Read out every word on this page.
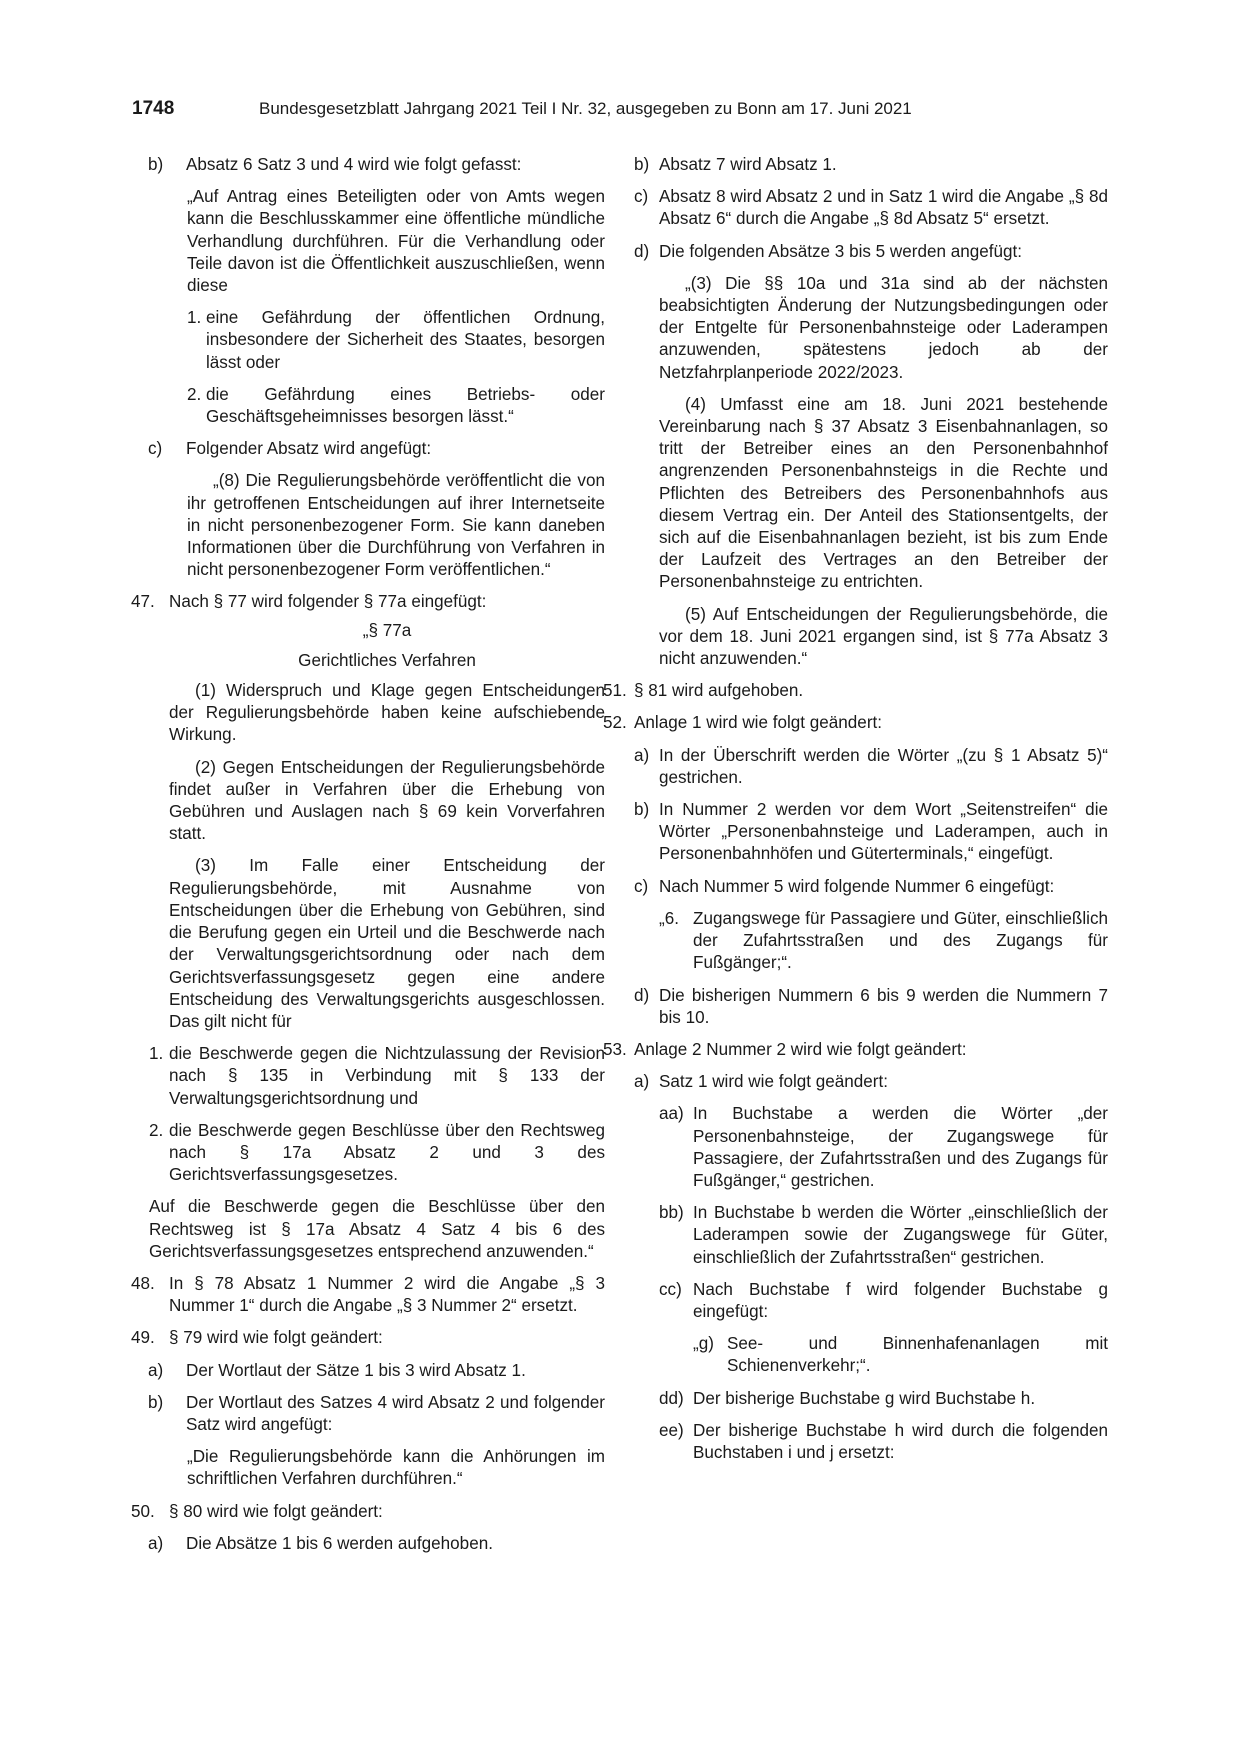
1748	Bundesgesetzblatt Jahrgang 2021 Teil I Nr. 32, ausgegeben zu Bonn am 17. Juni 2021
b) Absatz 6 Satz 3 und 4 wird wie folgt gefasst:

„Auf Antrag eines Beteiligten oder von Amts wegen kann die Beschlusskammer eine öffentliche mündliche Verhandlung durchführen. Für die Verhandlung oder Teile davon ist die Öffentlichkeit auszuschließen, wenn diese

1. eine Gefährdung der öffentlichen Ordnung, insbesondere der Sicherheit des Staates, besorgen lässt oder
2. die Gefährdung eines Betriebs- oder Geschäftsgeheimnisses besorgen lässt.“
c) Folgender Absatz wird angefügt:

„(8) Die Regulierungsbehörde veröffentlicht die von ihr getroffenen Entscheidungen auf ihrer Internetseite in nicht personenbezogener Form. Sie kann daneben Informationen über die Durchführung von Verfahren in nicht personenbezogener Form veröffentlichen.“

47. Nach § 77 wird folgender § 77a eingefügt:
„§ 77a
Gerichtliches Verfahren

(1) Widerspruch und Klage gegen Entscheidungen der Regulierungsbehörde haben keine aufschiebende Wirkung.

(2) Gegen Entscheidungen der Regulierungsbehörde findet außer in Verfahren über die Erhebung von Gebühren und Auslagen nach § 69 kein Vorverfahren statt.

(3) Im Falle einer Entscheidung der Regulierungsbehörde, mit Ausnahme von Entscheidungen über die Erhebung von Gebühren, sind die Berufung gegen ein Urteil und die Beschwerde nach der Verwaltungsgerichtsordnung oder nach dem Gerichtsverfassungsgesetz gegen eine andere Entscheidung des Verwaltungsgerichts ausgeschlossen. Das gilt nicht für

1. die Beschwerde gegen die Nichtzulassung der Revision nach § 135 in Verbindung mit § 133 der Verwaltungsgerichtsordnung und
2. die Beschwerde gegen Beschlüsse über den Rechtsweg nach § 17a Absatz 2 und 3 des Gerichtsverfassungsgesetzes.

Auf die Beschwerde gegen die Beschlüsse über den Rechtsweg ist § 17a Absatz 4 Satz 4 bis 6 des Gerichtsverfassungsgesetzes entsprechend anzuwenden.“

48. In § 78 Absatz 1 Nummer 2 wird die Angabe „§ 3 Nummer 1“ durch die Angabe „§ 3 Nummer 2“ ersetzt.
49. § 79 wird wie folgt geändert:
a) Der Wortlaut der Sätze 1 bis 3 wird Absatz 1.
b) Der Wortlaut des Satzes 4 wird Absatz 2 und folgender Satz wird angefügt:

„Die Regulierungsbehörde kann die Anhörungen im schriftlichen Verfahren durchführen.“

50. § 80 wird wie folgt geändert:
a) Die Absätze 1 bis 6 werden aufgehoben.
b) Absatz 7 wird Absatz 1.
c) Absatz 8 wird Absatz 2 und in Satz 1 wird die Angabe „§ 8d Absatz 6“ durch die Angabe „§ 8d Absatz 5“ ersetzt.
d) Die folgenden Absätze 3 bis 5 werden angefügt:

„(3) Die §§ 10a und 31a sind ab der nächsten beabsichtigten Änderung der Nutzungsbedingungen oder der Entgelte für Personenbahnsteige oder Laderampen anzuwenden, spätestens jedoch ab der Netzfahrplanperiode 2022/2023.

(4) Umfasst eine am 18. Juni 2021 bestehende Vereinbarung nach § 37 Absatz 3 Eisenbahnanlagen, so tritt der Betreiber eines an den Personenbahnhof angrenzenden Personenbahnsteigs in die Rechte und Pflichten des Betreibers des Personenbahnhofs aus diesem Vertrag ein. Der Anteil des Stationsentgelts, der sich auf die Eisenbahnanlagen bezieht, ist bis zum Ende der Laufzeit des Vertrages an den Betreiber der Personenbahnsteige zu entrichten.

(5) Auf Entscheidungen der Regulierungsbehörde, die vor dem 18. Juni 2021 ergangen sind, ist § 77a Absatz 3 nicht anzuwenden.“

51. § 81 wird aufgehoben.
52. Anlage 1 wird wie folgt geändert:
a) In der Überschrift werden die Wörter „(zu § 1 Absatz 5)“ gestrichen.
b) In Nummer 2 werden vor dem Wort „Seitenstreifen“ die Wörter „Personenbahnsteige und Laderampen, auch in Personenbahnhöfen und Güterterminals,“ eingefügt.
c) Nach Nummer 5 wird folgende Nummer 6 eingefügt:
„6. Zugangswege für Passagiere und Güter, einschließlich der Zufahrtsstraßen und des Zugangs für Fußgänger;“.
d) Die bisherigen Nummern 6 bis 9 werden die Nummern 7 bis 10.
53. Anlage 2 Nummer 2 wird wie folgt geändert:
a) Satz 1 wird wie folgt geändert:
aa) In Buchstabe a werden die Wörter „der Personenbahnsteige, der Zugangswege für Passagiere, der Zufahrtsstraßen und des Zugangs für Fußgänger,“ gestrichen.
bb) In Buchstabe b werden die Wörter „einschließlich der Laderampen sowie der Zugangswege für Güter, einschließlich der Zufahrtsstraßen“ gestrichen.
cc) Nach Buchstabe f wird folgender Buchstabe g eingefügt:
„g) See- und Binnenhafenanlagen mit Schienenverkehr;“.
dd) Der bisherige Buchstabe g wird Buchstabe h.
ee) Der bisherige Buchstabe h wird durch die folgenden Buchstaben i und j ersetzt:
